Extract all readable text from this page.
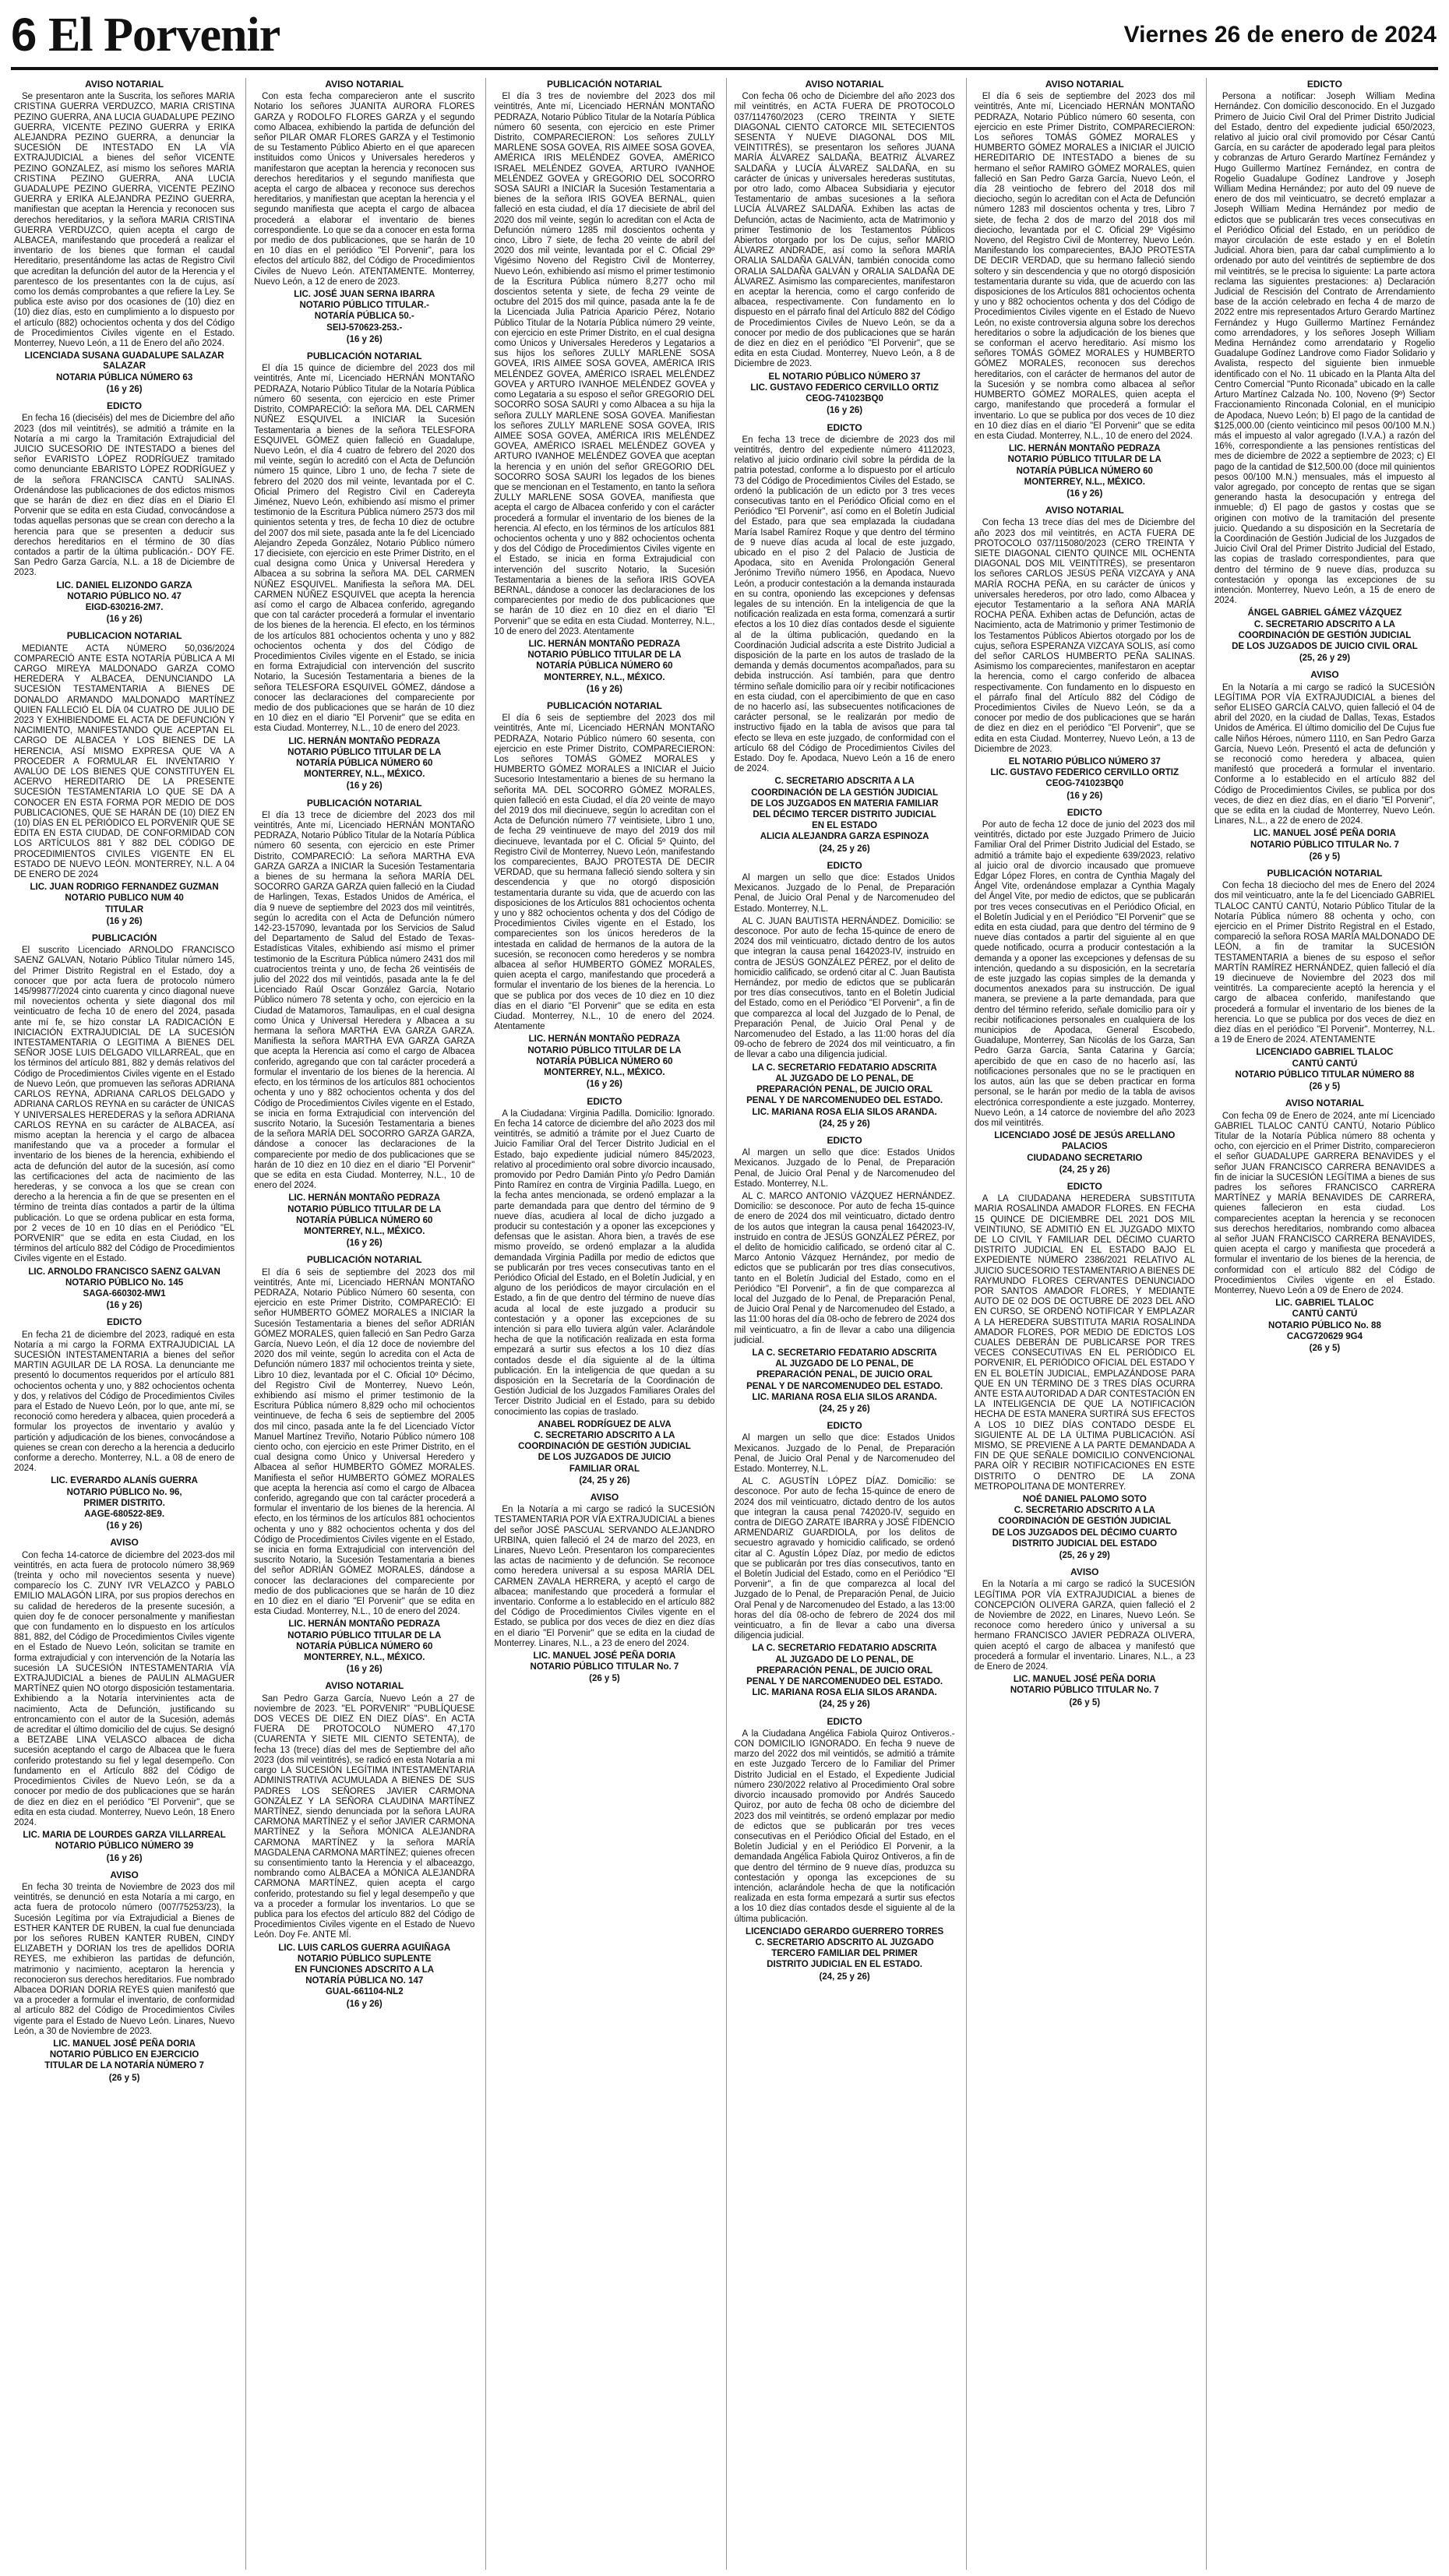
6 El Porvenir	Viernes 26 de enero de 2024
AVISO NOTARIAL

Se presentaron ante la Suscrita, los señores MARIA CRISTINA GUERRA VERDUZCO, MARIA CRISTINA PEZINO GUERRA, ANA LUCIA GUADALUPE PEZINO GUERRA, VICENTE PEZINO GUERRA y ERIKA ALEJANDRA PEZINO GUERRA, a denunciar la SUCESIÓN DE INTESTADO EN LA VÍA EXTRAJUDICIAL a bienes del señor VICENTE PEZINO GONZALEZ, así mismo los señores MARIA CRISTINA PEZINO GUERRA, ANA LUCIA GUADALUPE PEZINO GUERRA, VICENTE PEZINO GUERRA y ERIKA ALEJANDRA PEZINO GUERRA, manifiestan que aceptan la Herencia y reconocen sus derechos hereditarios, y la señora MARIA CRISTINA GUERRA VERDUZCO, quien acepta el cargo de ALBACEA, manifestando que procederá a realizar el inventario de los bienes que forman el caudal Hereditario, presentándome las actas de Registro Civil que acreditan la defunción del autor de la Herencia y el parentesco de los presentantes con la de cujus, así como los demás comprobantes a que refiere la Ley. Se publica este aviso por dos ocasiones de (10) diez en (10) diez días, esto en cumplimiento a lo dispuesto por el artículo (882) ochocientos ochenta y dos del Código de Procedimientos Civiles vigente en el Estado. Monterrey, Nuevo León, a 11 de Enero del año 2024.

LICENCIADA SUSANA GUADALUPE SALAZAR SALAZAR
NOTARIA PÚBLICA NÚMERO 63
(16 y 26)
EDICTO

En fecha 16 (dieciséis) del mes de Diciembre del año 2023 (dos mil veintitrés), se admitió a trámite en la Notaría a mi cargo la Tramitación Extrajudicial del JUICIO SUCESORIO DE INTESTADO a bienes del señor EVARISTO LÓPEZ RODRÍGUEZ tramitado como denunciante EBARISTO LÓPEZ RODRÍGUEZ y de la señora FRANCISCA CANTÚ SALINAS. Ordenándose las publicaciones de dos edictos mismos que se harán de diez en diez días en el Diario El Porvenir que se edita en esta Ciudad, convocándose a todas aquellas personas que se crean con derecho a la herencia para que se presenten a deducir sus derechos hereditarios en el término de 30 días contados a partir de la última publicación.- DOY FE. San Pedro Garza García, N.L. a 18 de Diciembre de 2023.

LIC. DANIEL ELIZONDO GARZA
NOTARIO PÚBLICO NO. 47
EIGD-630216-2M7.
(16 y 26)
PUBLICACION NOTARIAL

MEDIANTE ACTA NÚMERO 50,036/2024 COMPARECIÓ ANTE ESTA NOTARÍA PÚBLICA A MI CARGO MIREYA MALDONADO GARZA COMO HEREDERA Y ALBACEA, DENUNCIANDO LA SUCESIÓN TESTAMENTARIA A BIENES DE DONALDO ARMANDO MALDONADO MARTÍNEZ QUIEN FALLECIÓ EL DÍA 04 CUATRO DE JULIO DE 2023 Y EXHIBIENDOME EL ACTA DE DEFUNCIÓN Y NACIMIENTO, MANIFESTANDO QUE ACEPTAN EL CARGO DE ALBACEA Y LOS BIENES DE LA HERENCIA, ASÍ MISMO EXPRESA QUE VA A PROCEDER A FORMULAR EL INVENTARIO Y AVALÚO DE LOS BIENES QUE CONSTITUYEN EL ACERVO HEREDITARIO DE LA PRESENTE SUCESIÓN TESTAMENTARIA LO QUE SE DA A CONOCER EN ESTA FORMA POR MEDIO DE DOS PUBLICACIONES, QUE SE HARÁN DE (10) DIEZ EN (10) DÍAS EN EL PERIÓDICO EL PORVENIR QUE SE EDITA EN ESTA CIUDAD, DE CONFORMIDAD CON LOS ARTÍCULOS 881 Y 882 DEL CÓDIGO DE PROCEDIMIENTOS CIVILES VIGENTE EN EL ESTADO DE NUEVO LEÓN. MONTERREY, N.L. A 04 DE ENERO DE 2024

LIC. JUAN RODRIGO FERNANDEZ GUZMAN
NOTARIO PUBLICO NUM 40
TITULAR
(16 y 26)
PUBLICACIÓN

El suscrito Licenciado ARNOLDO FRANCISCO SAENZ GALVAN, Notario Público Titular número 145, del Primer Distrito Registral en el Estado, doy a conocer que por acta fuera de protocolo número 145/99877/2024 cinto cuarenta y cinco diagonal nueve mil novecientos ochenta y siete diagonal dos mil veinticuatro de fecha 10 de enero del 2024, pasada ante mí fe, se hizo constar LA RADICACIÓN E INICIACIÓN EXTRAJUDICIAL DE LA SUCESIÓN INTESTAMENTARIA O LEGITIMA A BIENES DEL SEÑOR JOSE LUIS DELGADO VILLARREAL, que en los términos del artículo 881, 882 y demás relativos del Código de Procedimientos Civiles vigente en el Estado de Nuevo León, que promueven las señoras ADRIANA CARLOS REYNA, ADRIANA CARLOS DELGADO y ADRIANA CARLOS REYNA en su carácter de ÚNICAS Y UNIVERSALES HEREDERAS y la señora ADRIANA CARLOS REYNA en su carácter de ALBACEA, así mismo aceptan la herencia y el cargo de albacea manifestando que va a proceder a formular el inventario de los bienes de la herencia, exhibiendo el acta de defunción del autor de la sucesión, así como las certificaciones del acta de nacimiento de las herederas, y se convoca a los que se crean con derecho a la herencia a fin de que se presenten en el término de treinta días contados a partir de la última publicación. Lo que se ordena publicar en esta forma, por 2 veces de 10 en 10 días en el Periódico "EL PORVENIR" que se edita en esta Ciudad, en los términos del artículo 882 del Código de Procedimientos Civiles vigente en el Estado.

LIC. ARNOLDO FRANCISCO SAENZ GALVAN
NOTARIO PÚBLICO No. 145
SAGA-660302-MW1
(16 y 26)
EDICTO

En fecha 21 de diciembre del 2023, radiqué en esta Notaría a mi cargo la FORMA EXTRAJUDICIAL LA SUCESIÓN INTESTAMENTARIA a bienes del señor MARTIN AGUILAR DE LA ROSA. La denunciante me presentó lo documentos requeridos por el artículo 881 ochocientos ochenta y uno, y 882 ochocientos ochenta y dos, y relativos del Código de Procedimientos Civiles para el Estado de Nuevo León, por lo que, ante mí, se reconoció como heredera y albacea, quien procederá a formular los proyectos de inventario y avalúo y partición y adjudicación de los bienes, convocándose a quienes se crean con derecho a la herencia a deducirlo conforme a derecho. Monterrey, N.L. a 08 de enero de 2024.

LIC. EVERARDO ALANÍS GUERRA
NOTARIO PÚBLICO No. 96,
PRIMER DISTRITO.
AAGE-680522-8E9.
(16 y 26)
AVISO

Con fecha 14-catorce de diciembre del 2023-dos mil veintitrés, en acta fuera de protocolo número 38,969 (treinta y ocho mil novecientos sesenta y nueve) comparecío los C. ZUNY IVR VELAZCO y PABLO EMILIO MALAGÓN LIRA, por sus propios derechos en su calidad de herederos de la presente sucesión, a quien doy fe de conocer personalmente y manifiestan que con fundamento en lo dispuesto en los artículos 881, 882, del Código de Procedimientos Civiles vigente en el Estado de Nuevo León, solicitan se tramite en forma extrajudicial y con intervención de la Notaría las sucesión LA SUCESIÓN INTESTAMENTARIA VÍA EXTRAJUDICIAL a bienes de PAULIN ALMAGUER MARTÍNEZ quien NO otorgo disposición testamentaria. Exhibiendo a la Notaría intervinientes acta de nacimiento, Acta de Defunción, justificando su entroncamiento con el autor de la Sucesión, además de acreditar el último domicilio del de cujus. Se designó a BETZABE LINA VELASCO albacea de dicha sucesión aceptando el cargo de Albacea que le fuera conferido protestando su fiel y legal desempeño. Con fundamento en el Artículo 882 del Código de Procedimientos Civiles de Nuevo León, se da a conocer por medio de dos publicaciones que se harán de diez en diez en el periódico "El Porvenir", que se edita en esta ciudad. Monterrey, Nuevo León, 18 Enero 2024.

LIC. MARIA DE LOURDES GARZA VILLARREAL
NOTARIO PÚBLICO NÚMERO 39
(16 y 26)
AVISO

En fecha 30 treinta de Noviembre de 2023 dos mil veintitrés, se denunció en esta Notaría a mi cargo, en acta fuera de protocolo número (007/75253/23), la Sucesión Legítima por vía Extrajudicial a Bienes de ESTHER KANTER DE RUBEN, la cual fue denunciada por los señores RUBEN KANTER RUBEN, CINDY ELIZABETH y DORIAN los tres de apellidos DORIA REYES, me exhibieron las partidas de defunción, matrimonio y nacimiento, aceptaron la herencia y reconocieron sus derechos hereditarios. Fue nombrado Albacea DORIAN DORIA REYES quien manifestó que va a proceder a formular el inventario, de conformidad al artículo 882 del Código de Procedimientos Civiles vigente para el Estado de Nuevo León. Linares, Nuevo León, a 30 de Noviembre de 2023.

LIC. MANUEL JOSÉ PEÑA DORIA
NOTARIO PÚBLICO EN EJERCICIO
TITULAR DE LA NOTARÍA NÚMERO 7
(26 y 5)
AVISO NOTARIAL

Con esta fecha comparecieron ante el suscrito Notario los señores JUANITA AURORA FLORES GARZA y RODOLFO FLORES GARZA y el segundo como Albacea, exhibiendo la partida de defunción del señor PILAR OMAR FLORES GARZA y el Testimonio de su Testamento Público Abierto en el que aparecen instituidos como Únicos y Universales herederos y manifestaron que aceptan la herencia y reconocen sus derechos hereditarios y el segundo manifiesta que acepta el cargo de albacea y reconoce sus derechos hereditarios, y manifiestan que aceptan la herencia y el segundo manifiesta que acepta el cargo de albacea procederá a elaborar el inventario de bienes correspondiente. Lo que se da a conocer en esta forma por medio de dos publicaciones, que se harán de 10 en 10 días en el periódico "El Porvenir", para los efectos del artículo 882, del Código de Procedimientos Civiles de Nuevo León. ATENTAMENTE. Monterrey, Nuevo León, a 12 de enero de 2023.

LIC. JOSÉ JUAN SERNA IBARRA
NOTARIO PÚBLICO TITULAR.-
NOTARÍA PÚBLICA 50.-
SEIJ-570623-253.-
(16 y 26)
PUBLICACIÓN NOTARIAL

El día 15 quince de diciembre del 2023 dos mil veintitrés, Ante mí, Licenciado HERNÁN MONTAÑO PEDRAZA, Notario Público Titular de la Notaría Pública número 60 sesenta, con ejercicio en este Primer Distrito, COMPARECIÓ: la señora MA. DEL CARMEN NÚÑEZ ESQUIVEL a INICIAR la Sucesión Testamentaria a bienes de la señora TELESFORA ESQUIVEL GÓMEZ quien falleció en Guadalupe, Nuevo León, el día 4 cuatro de febrero del 2020 dos mil veinte, según lo acreditó con el Acta de Defunción número 15 quince, Libro 1 uno, de fecha 7 siete de febrero del 2020 dos mil veinte, levantada por el C. Oficial Primero del Registro Civil en Cadereyta Jiménez, Nuevo León, exhibiendo así mismo el primer testimonio de la Escritura Pública número 2573 dos mil quinientos setenta y tres, de fecha 10 diez de octubre del 2007 dos mil siete, pasada ante la fe del Licenciado Alejandro Zepeda González, Notario Público número 17 diecisiete, con ejercicio en este Primer Distrito, en el cual designa como Única y Universal Heredera y Albacea a su sobrina la señora MA. DEL CARMEN NÚÑEZ ESQUIVEL. Manifiesta la señora MA. DEL CARMEN NÚÑEZ ESQUIVEL que acepta la herencia así como el cargo de Albacea conferido, agregando que con tal carácter procederá a formular el inventario de los bienes de la herencia. El efecto, en los términos de los artículos 881 ochocientos ochenta y uno y 882 ochocientos ochenta y dos del Código de Procedimientos Civiles vigente en el Estado, se inicia en forma Extrajudicial con intervención del suscrito Notario, la Sucesión Testamentaria a bienes de la señora TELESFORA ESQUIVEL GÓMEZ, dándose a conocer las declaraciones del compareciente por medio de dos publicaciones que se harán de 10 diez en 10 diez en el diario "El Porvenir" que se edita en esta Ciudad. Monterrey, N.L., 10 de enero del 2023.

LIC. HERNÁN MONTAÑO PEDRAZA
NOTARIO PÚBLICO TITULAR DE LA
NOTARÍA PÚBLICA NÚMERO 60
MONTERREY, N.L., MÉXICO.
(16 y 26)
PUBLICACIÓN NOTARIAL

El día 13 trece de diciembre del 2023 dos mil veintitrés, Ante mí, Licenciado HERNÁN MONTAÑO PEDRAZA, Notario Público Titular de la Notaría Pública número 60 sesenta, con ejercicio en este Primer Distrito, COMPARECIÓ: La señora MARTHA EVA GARZA GARZA a INICIAR la Sucesión Testamentaria a bienes de su hermana la señora MARÍA DEL SOCORRO GARZA GARZA quien falleció en la Ciudad de Harlingen, Texas, Estados Unidos de América, el día 9 nueve de septiembre del 2023 dos mil veintitrés, según lo acredita con el Acta de Defunción número 142-23-157090, levantada por los Servicios de Salud del Departamento de Salud del Estado de Texas-Estadísticas Vitales, exhibiendo así mismo el primer testimonio de la Escritura Pública número 2431 dos mil cuatrocientos treinta y uno, de fecha 26 veintiséis de julio del 2022 dos mil veintidós, pasada ante la fe del Licenciado Raúl Oscar González García, Notario Público número 78 setenta y ocho, con ejercicio en la Ciudad de Matamoros, Tamaulipas, en el cual designa como Única y Universal Heredera y Albacea a su hermana la señora MARTHA EVA GARZA GARZA. Manifiesta la señora MARTHA EVA GARZA GARZA que acepta la Herencia así como el cargo de Albacea conferido, agregando que con tal carácter procederá a formular el inventario de los bienes de la herencia. Al efecto, en los términos de los artículos 881 ochocientos ochenta y uno y 882 ochocientos ochenta y dos del Código de Procedimientos Civiles vigente en el Estado, se inicia en forma Extrajudicial con intervención del suscrito Notario, la Sucesión Testamentaria a bienes de la señora MARÍA DEL SOCORRO GARZA GARZA, dándose a conocer las declaraciones de la compareciente por medio de dos publicaciones que se harán de 10 diez en 10 diez en el diario "El Porvenir" que se edita en esta Ciudad. Monterrey, N.L., 10 de enero del 2024.

LIC. HERNÁN MONTAÑO PEDRAZA
NOTARIO PÚBLICO TITULAR DE LA
NOTARÍA PÚBLICA NÚMERO 60
MONTERREY, N.L., MÉXICO.
(16 y 26)
PUBLICACIÓN NOTARIAL

El día 6 seis de septiembre del 2023 dos mil veintitrés, Ante mí, Licenciado HERNÁN MONTAÑO PEDRAZA, Notario Público Número 60 sesenta, con ejercicio en este Primer Distrito, COMPARECIÓ: El señor HUMBERTO GÓMEZ MORALES a INICIAR la Sucesión Testamentaria a bienes del señor ADRIÁN GÓMEZ MORALES, quien falleció en San Pedro Garza García, Nuevo León, el día 12 doce de noviembre del 2020 dos mil veinte, según lo acredita con el Acta de Defunción número 1837 mil ochocientos treinta y siete, Libro 10 diez, levantada por el C. Oficial 10º Décimo, del Registro Civil de Monterrey, Nuevo León, exhibiendo así mismo el primer testimonio de la Escritura Pública número 8,829 ocho mil ochocientos veintinueve, de fecha 6 seis de septiembre del 2005 dos mil cinco, pasada ante la fe del Licenciado Víctor Manuel Martínez Treviño, Notario Público número 108 ciento ocho, con ejercicio en este Primer Distrito, en el cual designa como Único y Universal Heredero y Albacea al señor HUMBERTO GÓMEZ MORALES. Manifiesta el señor HUMBERTO GÓMEZ MORALES que acepta la herencia así como el cargo de Albacea conferido, agregando que con tal carácter procederá a formular el inventario de los bienes de la herencia. Al efecto, en los términos de los artículos 881 ochocientos ochenta y uno y 882 ochocientos ochenta y dos del Código de Procedimientos Civiles vigente en el Estado, se inicia en forma Extrajudicial con intervención del suscrito Notario, la Sucesión Testamentaria a bienes del señor ADRIÁN GÓMEZ MORALES, dándose a conocer las declaraciones del compareciente por medio de dos publicaciones que se harán de 10 diez en 10 diez en el diario "El Porvenir" que se edita en esta Ciudad. Monterrey, N.L., 10 de enero del 2024.

LIC. HERNÁN MONTAÑO PEDRAZA
NOTARIO PÚBLICO TITULAR DE LA
NOTARÍA PÚBLICA NÚMERO 60
MONTERREY, N.L., MÉXICO.
(16 y 26)
AVISO NOTARIAL

San Pedro Garza García, Nuevo León a 27 de noviembre de 2023. "EL PORVENIR" "PUBLÍQUESE DOS VECES DE DIEZ EN DIEZ DÍAS". En ACTA FUERA DE PROTOCOLO NÚMERO 47,170 (CUARENTA Y SIETE MIL CIENTO SETENTA), de fecha 13 (trece) días del mes de Septiembre del año 2023 (dos mil veintitrés), se radicó en esta Notaría a mi cargo LA SUCESIÓN LEGÍTIMA INTESTAMENTARIA ADMINISTRATIVA ACUMULADA A BIENES DE SUS PADRES LOS SEÑORES JAVIER CARMONA GONZÁLEZ Y LA SEÑORA CLAUDINA MARTÍNEZ MARTÍNEZ, siendo denunciada por la señora LAURA CARMONA MARTÍNEZ y el señor JAVIER CARMONA MARTÍNEZ y la Señora MÓNICA ALEJANDRA CARMONA MARTÍNEZ y la señora MARÍA MAGDALENA CARMONA MARTÍNEZ; quienes ofrecen su consentimiento tanto la Herencia y el albaceazgo, nombrando como ALBACEA a MÓNICA ALEJANDRA CARMONA MARTÍNEZ, quien acepta el cargo conferido, protestando su fiel y legal desempeño y que va a proceder a formular los inventarios. Lo que se publica para los efectos del artículo 882 del Código de Procedimientos Civiles vigente en el Estado de Nuevo León. Doy Fe. ANTE MÍ.

LIC. LUIS CARLOS GUERRA AGUIÑAGA
NOTARIO PÚBLICO SUPLENTE
EN FUNCIONES ADSCRITO A LA
NOTARÍA PÚBLICA NO. 147
GUAL-661104-NL2
(16 y 26)
PUBLICACIÓN NOTARIAL

El día 3 tres de noviembre del 2023 dos mil veintitrés, Ante mí, Licenciado HERNÁN MONTAÑO PEDRAZA, Notario Público Titular de la Notaría Pública número 60 sesenta, con ejercicio en este Primer Distrito, COMPARECIERON: Los señores ZULLY MARLENE SOSA GOVEA, RIS AIMEE SOSA GOVEA, AMÉRICA IRIS MELÉNDEZ GOVEA, AMÉRICO ISRAEL MELÉNDEZ GOVEA, ARTURO IVANHOE MELÉNDEZ GOVEA y GREGORIO DEL SOCORRO SOSA SAURI a INICIAR la Sucesión Testamentaria a bienes de la señora IRIS GOVEA BERNAL, quien falleció en esta ciudad, el día 17 diecisiete de abril del 2020 dos mil veinte, según lo acreditan con el Acta de Defunción número 1285 mil doscientos ochenta y cinco, Libro 7 siete, de fecha 20 veinte de abril del 2020 dos mil veinte, levantada por el C. Oficial 29º Vigésimo Noveno del Registro Civil de Monterrey, Nuevo León, exhibiendo así mismo el primer testimonio de la Escritura Pública número 8,277 ocho mil doscientos setenta y siete, de fecha 29 veinte de octubre del 2015 dos mil quince, pasada ante la fe de la Licenciada Julia Patricia Aparicio Pérez, Notario Público Titular de la Notaría Pública número 29 veinte, con ejercicio en este Primer Distrito, en el cual designa como Únicos y Universales Herederos y Legatarios a sus hijos los señores ZULLY MARLENE SOSA GOVEA, IRIS AIMEE SOSA GOVEA, AMÉRICA IRIS MELÉNDEZ GOVEA, AMÉRICO ISRAEL MELÉNDEZ GOVEA y ARTURO IVANHOE MELÉNDEZ GOVEA y como Legataria a su esposo el señor GREGORIO DEL SOCORRO SOSA SAURI y como Albacea a su hija la señora ZULLY MARLENE SOSA GOVEA. Manifiestan los señores ZULLY MARLENE SOSA GOVEA, IRIS AIMEE SOSA GOVEA, AMÉRICA IRIS MELÉNDEZ GOVEA, AMÉRICO ISRAEL MELÉNDEZ GOVEA y ARTURO IVANHOE MELÉNDEZ GOVEA que aceptan la herencia y en unión del señor GREGORIO DEL SOCORRO SOSA SAURI los legados de los bienes que se mencionan en el Testamento, en tanto la señora ZULLY MARLENE SOSA GOVEA, manifiesta que acepta el cargo de Albacea conferido y con el carácter procederá a formular el inventario de los bienes de la herencia. Al efecto, en los términos de los artículos 881 ochocientos ochenta y uno y 882 ochocientos ochenta y dos del Código de Procedimientos Civiles vigente en el Estado, se inicia en forma Extrajudicial con intervención del suscrito Notario, la Sucesión Testamentaria a bienes de la señora IRIS GOVEA BERNAL, dándose a conocer las declaraciones de los comparecientes por medio de dos publicaciones que se harán de 10 diez en 10 diez en el diario "El Porvenir" que se edita en esta Ciudad. Monterrey, N.L., 10 de enero del 2023. Atentamente

LIC. HERNÁN MONTAÑO PEDRAZA
NOTARIO PÚBLICO TITULAR DE LA
NOTARÍA PÚBLICA NÚMERO 60
MONTERREY, N.L., MÉXICO.
(16 y 26)
PUBLICACIÓN NOTARIAL

El día 6 seis de septiembre del 2023 dos mil veintitrés, Ante mí, Licenciado HERNÁN MONTAÑO PEDRAZA, Notario Público número 60 sesenta, con ejercicio en este Primer Distrito, COMPARECIERON: Los señores TOMÁS GÓMEZ MORALES y HUMBERTO GÓMEZ MORALES a INICIAR el Juicio Sucesorio Intestamentario a bienes de su hermano la señorita MA. DEL SOCORRO GÓMEZ MORALES, quien falleció en esta Ciudad, el día 20 veinte de mayo del 2019 dos mil diecinueve, según lo acreditan con el Acta de Defunción número 77 veintisiete, Libro 1 uno, de fecha 29 veintinueve de mayo del 2019 dos mil diecinueve, levantada por el C. Oficial 5º Quinto, del Registro Civil de Monterrey, Nuevo León, manifestando los comparecientes, BAJO PROTESTA DE DECIR VERDAD, que su hermana falleció siendo soltera y sin descendencia y que no otorgó disposición testamentaria durante su vida, que de acuerdo con las disposiciones de los Artículos 881 ochocientos ochenta y uno y 882 ochocientos ochenta y dos del Código de Procedimientos Civiles vigente en el Estado, los comparecientes son los únicos herederos de la intestada en calidad de hermanos de la autora de la sucesión, se reconocen como herederos y se nombra albacea al señor HUMBERTO GÓMEZ MORALES, quien acepta el cargo, manifestando que procederá a formular el inventario de los bienes de la herencia. Lo que se publica por dos veces de 10 diez en 10 diez días en el diario "El Porvenir" que se edita en esta Ciudad. Monterrey, N.L., 10 de enero del 2024. Atentamente

LIC. HERNÁN MONTAÑO PEDRAZA
NOTARIO PÚBLICO TITULAR DE LA
NOTARÍA PÚBLICA NÚMERO 60
MONTERREY, N.L., MÉXICO.
(16 y 26)
EDICTO

A la Ciudadana: Virginia Padilla. Domicilio: Ignorado. En fecha 14 catorce de diciembre del año 2023 dos mil veintitrés, se admitió a trámite por el Juez Cuarto de Juicio Familiar Oral del Tercer Distrito Judicial en el Estado, bajo expediente judicial número 845/2023, relativo al procedimiento oral sobre divorcio incausado, promovido por Pedro Damián Pinto y/o Pedro Damián Pinto Ramírez en contra de Virginia Padilla. Luego, en la fecha antes mencionada, se ordenó emplazar a la parte demandada para que dentro del término de 9 nueve días, acudiera al local de dicho juzgado a producir su contestación y a oponer las excepciones y defensas que le asistan. Ahora bien, a través de ese mismo proveído, se ordenó emplazar a la aludida demandada Virginia Padilla por medio de edictos que se publicarán por tres veces consecutivas tanto en el Periódico Oficial del Estado, en el Boletín Judicial, y en alguno de los periódicos de mayor circulación en el Estado, a fin de que dentro del término de nueve días acuda al local de este juzgado a producir su contestación y a oponer las excepciones de su intención si para ello tuviera algún valer. Aclarándole hecha de que la notificación realizada en esta forma empezará a surtir sus efectos a los 10 diez días contados desde el día siguiente al de la última publicación. En la inteligencia de que quedan a su disposición en la Secretaría de la Coordinación de Gestión Judicial de los Juzgados Familiares Orales del Tercer Distrito Judicial en el Estado, para su debido conocimiento las copias de traslado.

ANABEL RODRÍGUEZ DE ALVA
C. SECRETARIO ADSCRITO A LA
COORDINACIÓN DE GESTIÓN JUDICIAL
DE LOS JUZGADOS DE JUICIO
FAMILIAR ORAL
(24, 25 y 26)
AVISO

En la Notaría a mi cargo se radicó la SUCESIÓN TESTAMENTARIA POR VÍA EXTRAJUDICIAL a bienes del señor JOSÉ PASCUAL SERVANDO ALEJANDRO URBINA, quien falleció el 24 de marzo del 2023, en Linares, Nuevo León. Presentaron los comparecientes las actas de nacimiento y de defunción. Se reconoce como heredera universal a su esposa MARÍA DEL CARMEN ZAVALA HERRERA, y aceptó el cargo de albacea; manifestando que procederá a formular el inventario. Conforme a lo establecido en el artículo 882 del Código de Procedimientos Civiles vigente en el Estado, se publica por dos veces de diez en diez días en el diario "El Porvenir" que se edita en la ciudad de Monterrey. Linares, N.L., a 23 de enero del 2024.

LIC. MANUEL JOSÉ PEÑA DORIA
NOTARIO PÚBLICO TITULAR No. 7
(26 y 5)
AVISO NOTARIAL

Con fecha 06 ocho de Diciembre del año 2023 dos mil veintitrés, en ACTA FUERA DE PROTOCOLO 037/114760/2023 (CERO TREINTA Y SIETE DIAGONAL CIENTO CATORCE MIL SETECIENTOS SESENTA Y NUEVE DIAGONAL DOS MIL VEINTITRÉS), se presentaron los señores JUANA MARÍA ÁLVAREZ SALDAÑA, BEATRIZ ÁLVAREZ SALDAÑA y LUCÍA ÁLVAREZ SALDAÑA, en su carácter de únicas y universales herederas sustitutas, por otro lado, como Albacea Subsidiaria y ejecutor Testamentario de ambas sucesiones a la señora LUCÍA ÁLVAREZ SALDAÑA. Exhiben las actas de Defunción, actas de Nacimiento, acta de Matrimonio y primer Testimonio de los Testamentos Públicos Abiertos otorgado por los De cujus, señor MARIO ÁLVAREZ ANDRADE, así como la señora MARÍA ORALIA SALDAÑA GALVÁN, también conocida como ORALIA SALDAÑA GALVÁN y ORALIA SALDAÑA DE ÁLVAREZ. Asimismo las comparecientes, manifestaron en aceptar la herencia, como el cargo conferido de albacea, respectivamente. Con fundamento en lo dispuesto en el párrafo final del Artículo 882 del Código de Procedimientos Civiles de Nuevo León, se da a conocer por medio de dos publicaciones que se harán de diez en diez en el periódico "El Porvenir", que se edita en esta Ciudad. Monterrey, Nuevo León, a 8 de Diciembre de 2023.

EL NOTARIO PÚBLICO NÚMERO 37
LIC. GUSTAVO FEDERICO CERVILLO ORTIZ
CEOG-741023BQ0
(16 y 26)
EDICTO

En fecha 13 trece de diciembre de 2023 dos mil veintitrés, dentro del expediente número 4112023, relativo al juicio ordinario civil sobre la pérdida de la patria potestad, conforme a lo dispuesto por el artículo 73 del Código de Procedimientos Civiles del Estado, se ordenó la publicación de un edicto por 3 tres veces consecutivas tanto en el Periódico Oficial como en el Periódico "El Porvenir", así como en el Boletín Judicial del Estado, para que sea emplazada la ciudadana María Isabel Ramírez Roque y que dentro del término de 9 nueve días acuda al local de este juzgado, ubicado en el piso 2 del Palacio de Justicia de Apodaca, sito en Avenida Prolongación General Jerónimo Treviño número 1956, en Apodaca, Nuevo León, a producir contestación a la demanda instaurada en su contra, oponiendo las excepciones y defensas legales de su intención. En la inteligencia de que la notificación realizada en esta forma, comenzará a surtir efectos a los 10 diez días contados desde el siguiente al de la última publicación, quedando en la Coordinación Judicial adscrita a este Distrito Judicial a disposición de la parte en los autos de traslado de la demanda y demás documentos acompañados, para su debida instrucción. Así también, para que dentro término señale domicilio para oír y recibir notificaciones en esta ciudad, con el apercibimiento de que en caso de no hacerlo así, las subsecuentes notificaciones de carácter personal, se le realizarán por medio de instructivo fijado en la tabla de avisos que para tal efecto se lleva en este juzgado, de conformidad con el artículo 68 del Código de Procedimientos Civiles del Estado. Doy fe. Apodaca, Nuevo León a 16 de enero de 2024.

C. SECRETARIO ADSCRITA A LA
COORDINACIÓN DE LA GESTIÓN JUDICIAL
DE LOS JUZGADOS EN MATERIA FAMILIAR
DEL DÉCIMO TERCER DISTRITO JUDICIAL
EN EL ESTADO
ALICIA ALEJANDRA GARZA ESPINOZA
(24, 25 y 26)
EDICTO

Al margen un sello que dice: Estados Unidos Mexicanos. Juzgado de lo Penal, de Preparación Penal, de Juicio Oral Penal y de Narcomenudeo del Estado. Monterrey, N.L.

AL C. JUAN BAUTISTA HERNÁNDEZ. Domicilio: se desconoce. Por auto de fecha 15-quince de enero de 2024 dos mil veinticuatro, dictado dentro de los autos que integran la causa penal 1642023-IV, instruido en contra de JESÚS GONZÁLEZ PÉREZ, por el delito de homicidio calificado, se ordenó citar al C. Juan Bautista Hernández, por medio de edictos que se publicarán por tres días consecutivos, tanto en el Boletín Judicial del Estado, como en el Periódico "El Porvenir", a fin de que comparezca al local del Juzgado de lo Penal, de Preparación Penal, de Juicio Oral Penal y de Narcomenudeo del Estado, a las 11:00 horas del día 09-ocho de febrero de 2024 dos mil veinticuatro, a fin de llevar a cabo una diligencia judicial.

LA C. SECRETARIO FEDATARIO ADSCRITA
AL JUZGADO DE LO PENAL, DE
PREPARACIÓN PENAL, DE JUICIO ORAL
PENAL Y DE NARCOMENUDEO DEL ESTADO.
LIC. MARIANA ROSA ELIA SILOS ARANDA.
(24, 25 y 26)
EDICTO

Al margen un sello que dice: Estados Unidos Mexicanos. Juzgado de lo Penal, de Preparación Penal, de Juicio Oral Penal y de Narcomenudeo del Estado. Monterrey, N.L.

AL C. MARCO ANTONIO VÁZQUEZ HERNÁNDEZ. Domicilio: se desconoce. Por auto de fecha 15-quince de enero de 2024 dos mil veinticuatro, dictado dentro de los autos que integran la causa penal 1642023-IV, instruido en contra de JESÚS GONZÁLEZ PÉREZ, por el delito de homicidio calificado, se ordenó citar al C. Marco Antonio Vázquez Hernández, por medio de edictos que se publicarán por tres días consecutivos, tanto en el Boletín Judicial del Estado, como en el Periódico "El Porvenir", a fin de que comparezca al local del Juzgado de lo Penal, de Preparación Penal, de Juicio Oral Penal y de Narcomenudeo del Estado, a las 11:00 horas del día 08-ocho de febrero de 2024 dos mil veinticuatro, a fin de llevar a cabo una diligencia judicial.

LA C. SECRETARIO FEDATARIO ADSCRITA
AL JUZGADO DE LO PENAL, DE
PREPARACIÓN PENAL, DE JUICIO ORAL
PENAL Y DE NARCOMENUDEO DEL ESTADO.
LIC. MARIANA ROSA ELIA SILOS ARANDA.
(24, 25 y 26)
EDICTO

Al margen un sello que dice: Estados Unidos Mexicanos. Juzgado de lo Penal, de Preparación Penal, de Juicio Oral Penal y de Narcomenudeo del Estado. Monterrey, N.L.

AL C. AGUSTÍN LÓPEZ DÍAZ. Domicilio: se desconoce. Por auto de fecha 15-quince de enero de 2024 dos mil veinticuatro, dictado dentro de los autos que integran la causa penal 742020-IV, seguido en contra de DIEGO ZARATE IBARRA y JOSÉ FIDENCIO ARMENDARIZ GUARDIOLA, por los delitos de secuestro agravado y homicidio calificado, se ordenó citar al C. Agustín López Díaz, por medio de edictos que se publicarán por tres días consecutivos, tanto en el Boletín Judicial del Estado, como en el Periódico "El Porvenir", a fin de que comparezca al local del Juzgado de lo Penal, de Preparación Penal, de Juicio Oral Penal y de Narcomenudeo del Estado, a las 13:00 horas del día 08-ocho de febrero de 2024 dos mil veinticuatro, a fin de llevar a cabo una diversa diligencia judicial.

LA C. SECRETARIO FEDATARIO ADSCRITA
AL JUZGADO DE LO PENAL, DE
PREPARACIÓN PENAL, DE JUICIO ORAL
PENAL Y DE NARCOMENUDEO DEL ESTADO.
LIC. MARIANA ROSA ELIA SILOS ARANDA.
(24, 25 y 26)
EDICTO

A la Ciudadana Angélica Fabiola Quiroz Ontiveros.- CON DOMICILIO IGNORADO. En fecha 9 nueve de marzo del 2022 dos mil veintidós, se admitió a trámite en este Juzgado Tercero de lo Familiar del Primer Distrito Judicial en el Estado, el Expediente Judicial número 230/2022 relativo al Procedimiento Oral sobre divorcio incausado promovido por Andrés Saucedo Quiroz, por auto de fecha 08 ocho de diciembre del 2023 dos mil veintitrés, se ordenó emplazar por medio de edictos que se publicarán por tres veces consecutivas en el Periódico Oficial del Estado, en el Boletín Judicial y en el Periódico El Porvenir, a la demandada Angélica Fabiola Quiroz Ontiveros, a fin de que dentro del término de 9 nueve días, produzca su contestación y oponga las excepciones de su intención, aclarándole hecha de que la notificación realizada en esta forma empezará a surtir sus efectos a los 10 diez días contados desde el siguiente al de la última publicación.

LICENCIADO GERARDO GUERRERO TORRES
C. SECRETARIO ADSCRITO AL JUZGADO
TERCERO FAMILIAR DEL PRIMER
DISTRITO JUDICIAL EN EL ESTADO.
(24, 25 y 26)
AVISO NOTARIAL

El día 6 seis de septiembre del 2023 dos mil veintitrés, Ante mí, Licenciado HERNÁN MONTAÑO PEDRAZA, Notario Público número 60 sesenta, con ejercicio en este Primer Distrito, COMPARECIERON: Los señores TOMÁS GÓMEZ MORALES y HUMBERTO GÓMEZ MORALES a INICIAR el JUICIO HEREDITARIO DE INTESTADO a bienes de su hermano el señor RAMIRO GÓMEZ MORALES, quien falleció en San Pedro Garza García, Nuevo León, el día 28 veintiocho de febrero del 2018 dos mil dieciocho, según lo acreditan con el Acta de Defunción número 1283 mil doscientos ochenta y tres, Libro 7 siete, de fecha 2 dos de marzo del 2018 dos mil dieciocho, levantada por el C. Oficial 29º Vigésimo Noveno, del Registro Civil de Monterrey, Nuevo León. Manifestando los comparecientes, BAJO PROTESTA DE DECIR VERDAD, que su hermano falleció siendo soltero y sin descendencia y que no otorgó disposición testamentaria durante su vida, que de acuerdo con las disposiciones de los Artículos 881 ochocientos ochenta y uno y 882 ochocientos ochenta y dos del Código de Procedimientos Civiles vigente en el Estado de Nuevo León, no existe controversia alguna sobre los derechos hereditarios o sobre la adjudicación de los bienes que se conforman el acervo hereditario. Así mismo los señores TOMÁS GÓMEZ MORALES y HUMBERTO GÓMEZ MORALES, reconocen sus derechos hereditarios, con el carácter de hermanos del autor de la Sucesión y se nombra como albacea al señor HUMBERTO GÓMEZ MORALES, quien acepta el cargo, manifestando que procederá a formular el inventario. Lo que se publica por dos veces de 10 diez en 10 diez días en el diario "El Porvenir" que se edita en esta Ciudad. Monterrey, N.L., 10 de enero del 2024.

LIC. HERNÁN MONTAÑO PEDRAZA
NOTARIO PÚBLICO TITULAR DE LA
NOTARÍA PÚBLICA NÚMERO 60
MONTERREY, N.L., MÉXICO.
(16 y 26)
AVISO NOTARIAL

Con fecha 13 trece días del mes de Diciembre del año 2023 dos mil veintitrés, en ACTA FUERA DE PROTOCOLO 037/115080/2023 (CERO TREINTA Y SIETE DIAGONAL CIENTO QUINCE MIL OCHENTA DIAGONAL DOS MIL VEINTITRÉS), se presentaron los señores CARLOS JESÚS PEÑA VIZCAYA y ANA MARÍA ROCHA PEÑA, en su carácter de únicos y universales herederos, por otro lado, como Albacea y ejecutor Testamentario a la señora ANA MARÍA ROCHA PEÑA. Exhiben actas de Defunción, actas de Nacimiento, acta de Matrimonio y primer Testimonio de los Testamentos Públicos Abiertos otorgado por los de cujus, señora ESPERANZA VIZCAYA SOLIS, así como del señor CARLOS HUMBERTO PEÑA SALINAS. Asimismo los comparecientes, manifestaron en aceptar la herencia, como el cargo conferido de albacea respectivamente. Con fundamento en lo dispuesto en el párrafo final del Artículo 882 del Código de Procedimientos Civiles de Nuevo León, se da a conocer por medio de dos publicaciones que se harán de diez en diez en el periódico "El Porvenir", que se edita en esta Ciudad. Monterrey, Nuevo León, a 13 de Diciembre de 2023.

EL NOTARIO PÚBLICO NÚMERO 37
LIC. GUSTAVO FEDERICO CERVILLO ORTIZ
CEOG-741023BQ0
(16 y 26)
EDICTO

Por auto de fecha 12 doce de junio del 2023 dos mil veintitrés, dictado por este Juzgado Primero de Juicio Familiar Oral del Primer Distrito Judicial del Estado, se admitió a trámite bajo el expediente 639/2023, relativo al juicio oral de divorcio incausado que promueve Edgar López Flores, en contra de Cynthia Magaly del Ángel Vite, ordenándose emplazar a Cynthia Magaly del Ángel Vite, por medio de edictos, que se publicarán por tres veces consecutivas en el Periódico Oficial, en el Boletín Judicial y en el Periódico "El Porvenir" que se edita en esta ciudad, para que dentro del término de 9 nueve días contados a partir del siguiente al en que quede notificado, ocurra a producir contestación a la demanda y a oponer las excepciones y defensas de su intención, quedando a su disposición, en la secretaría de este juzgado las copias simples de la demanda y documentos anexados para su instrucción. De igual manera, se previene a la parte demandada, para que dentro del término referido, señale domicilio para oír y recibir notificaciones personales en cualquiera de los municipios de Apodaca, General Escobedo, Guadalupe, Monterrey, San Nicolás de los Garza, San Pedro Garza García, Santa Catarina y García; apercibido de que en caso de no hacerlo así, las notificaciones personales que no se le practiquen en los autos, aún las que se deben practicar en forma personal, se le harán por medio de la tabla de avisos electrónica correspondiente a este juzgado. Monterrey, Nuevo León, a 14 catorce de noviembre del año 2023 dos mil veintitrés.

LICENCIADO JOSÉ DE JESÚS ARELLANO
PALACIOS
CIUDADANO SECRETARIO
(24, 25 y 26)
EDICTO

A LA CIUDADANA HEREDERA SUBSTITUTA MARIA ROSALINDA AMADOR FLORES. EN FECHA 15 QUINCE DE DICIEMBRE DEL 2021 DOS MIL VEINTIUNO, SE ADMITIÓ EN EL JUZGADO MIXTO DE LO CIVIL Y FAMILIAR DEL DÉCIMO CUARTO DISTRITO JUDICIAL EN EL ESTADO BAJO EL EXPEDIENTE NÚMERO 2386/2021 RELATIVO AL JUICIO SUCESORIO TESTAMENTARIO A BIENES DE RAYMUNDO FLORES CERVANTES DENUNCIADO POR SANTOS AMADOR FLORES, Y MEDIANTE AUTO DE 02 DOS DE OCTUBRE DE 2023 DEL AÑO EN CURSO, SE ORDENÓ NOTIFICAR Y EMPLAZAR A LA HEREDERA SUBSTITUTA MARIA ROSALINDA AMADOR FLORES, POR MEDIO DE EDICTOS LOS CUALES DEBERÁN DE PUBLICARSE POR TRES VECES CONSECUTIVAS EN EL PERIÓDICO EL PORVENIR, EL PERIÓDICO OFICIAL DEL ESTADO Y EN EL BOLETÍN JUDICIAL, EMPLAZÁNDOSE PARA QUE EN UN TÉRMINO DE 3 TRES DÍAS OCURRA ANTE ESTA AUTORIDAD A DAR CONTESTACIÓN EN LA INTELIGENCIA DE QUE LA NOTIFICACIÓN HECHA DE ESTA MANERA SURTIRÁ SUS EFECTOS A LOS 10 DIEZ DÍAS CONTADO DESDE EL SIGUIENTE AL DE LA ÚLTIMA PUBLICACIÓN. ASÍ MISMO, SE PREVIENE A LA PARTE DEMANDADA A FIN DE QUE SEÑALE DOMICILIO CONVENCIONAL PARA OÍR Y RECIBIR NOTIFICACIONES EN ESTE DISTRITO O DENTRO DE LA ZONA METROPOLITANA DE MONTERREY.

NOÉ DANIEL PALOMO SOTO
C. SECRETARIO ADSCRITO A LA
COORDINACIÓN DE GESTIÓN JUDICIAL
DE LOS JUZGADOS DEL DÉCIMO CUARTO
DISTRITO JUDICIAL DEL ESTADO
(25, 26 y 29)
AVISO

En la Notaría a mi cargo se radicó la SUCESIÓN LEGÍTIMA POR VÍA EXTRAJUDICIAL a bienes de CONCEPCIÓN OLIVERA GARZA, quien falleció el 2 de Noviembre de 2022, en Linares, Nuevo León. Se reconoce como heredero único y universal a su hermano FRANCISCO JAVIER PEDRAZA OLIVERA, quien aceptó el cargo de albacea y manifestó que procederá a formular el inventario. Linares, N.L., a 23 de Enero de 2024.

LIC. MANUEL JOSÉ PEÑA DORIA
NOTARIO PÚBLICO TITULAR No. 7
(26 y 5)
EDICTO

Persona a notificar: Joseph William Medina Hernández. Con domicilio desconocido. En el Juzgado Primero de Juicio Civil Oral del Primer Distrito Judicial del Estado, dentro del expediente judicial 650/2023, relativo al juicio oral civil promovido por César Cantú García, en su carácter de apoderado legal para pleitos y cobranzas de Arturo Gerardo Martínez Fernández y Hugo Guillermo Martínez Fernández, en contra de Rogelio Guadalupe Godínez Landrove y Joseph William Medina Hernández; por auto del 09 nueve de enero de dos mil veinticuatro, se decretó emplazar a Joseph William Medina Hernández por medio de edictos que se publicarán tres veces consecutivas en el Periódico Oficial del Estado, en un periódico de mayor circulación de este estado y en el Boletín Judicial. Ahora bien, para dar cabal cumplimiento a lo ordenado por auto del veintitrés de septiembre de dos mil veintitrés, se le precisa lo siguiente: La parte actora reclama las siguientes prestaciones: a) Declaración Judicial de Rescisión del Contrato de Arrendamiento base de la acción celebrado en fecha 4 de marzo de 2022 entre mis representados Arturo Gerardo Martínez Fernández y Hugo Guillermo Martínez Fernández como arrendadores, y los señores Joseph William Medina Hernández como arrendatario y Rogelio Guadalupe Godínez Landrove como Fiador Solidario y Avalista, respecto del siguiente bien inmueble identificado con el No. 11 ubicado en la Planta Alta del Centro Comercial "Punto Riconada" ubicado en la calle Arturo Martínez Calzada No. 100, Noveno (9º) Sector Fraccionamiento Rinconada Colonial, en el municipio de Apodaca, Nuevo León; b) El pago de la cantidad de $125,000.00 (ciento veinticinco mil pesos 00/100 M.N.) más el impuesto al valor agregado (I.V.A.) a razón del 16%, correspondiente a las pensiones rentísticas del mes de diciembre de 2022 a septiembre de 2023; c) El pago de la cantidad de $12,500.00 (doce mil quinientos pesos 00/100 M.N.) mensuales, más el impuesto al valor agregado, por concepto de rentas que se sigan generando hasta la desocupación y entrega del inmueble; d) El pago de gastos y costas que se originen con motivo de la tramitación del presente juicio. Quedando a su disposición en la Secretaría de la Coordinación de Gestión Judicial de los Juzgados de Juicio Civil Oral del Primer Distrito Judicial del Estado, las copias de traslado correspondientes, para que dentro del término de 9 nueve días, produzca su contestación y oponga las excepciones de su intención. Monterrey, Nuevo León, a 15 de enero de 2024.

ÁNGEL GABRIEL GÁMEZ VÁZQUEZ
C. SECRETARIO ADSCRITO A LA
COORDINACIÓN DE GESTIÓN JUDICIAL
DE LOS JUZGADOS DE JUICIO CIVIL ORAL
(25, 26 y 29)
AVISO

En la Notaría a mi cargo se radicó la SUCESIÓN LEGÍTIMA POR VÍA EXTRAJUDICIAL a bienes del señor ELISEO GARCÍA CALVO, quien falleció el 04 de abril del 2020, en la ciudad de Dallas, Texas, Estados Unidos de América. El último domicilio del De Cujus fue calle Niños Héroes, número 1110, en San Pedro Garza García, Nuevo León. Presentó el acta de defunción y se reconoció como heredera y albacea, quien manifestó que procederá a formular el inventario. Conforme a lo establecido en el artículo 882 del Código de Procedimientos Civiles, se publica por dos veces, de diez en diez días, en el diario "El Porvenir", que se edita en la ciudad de Monterrey, Nuevo León. Linares, N.L., a 22 de enero de 2024.

LIC. MANUEL JOSÉ PEÑA DORIA
NOTARIO PÚBLICO TITULAR No. 7
(26 y 5)
PUBLICACIÓN NOTARIAL

Con fecha 18 dieciocho del mes de Enero del 2024 dos mil veinticuatro, ante la fe del Licenciado GABRIEL TLALOC CANTÚ CANTÚ, Notario Público Titular de la Notaría Pública número 88 ochenta y ocho, con ejercicio en el Primer Distrito Registral en el Estado, compareció la señora ROSA MARÍA MALDONADO DE LEÓN, a fin de tramitar la SUCESIÓN TESTAMENTARIA a bienes de su esposo el señor MARTÍN RAMÍREZ HERNÁNDEZ, quien falleció el día 19 diecinueve de Noviembre del 2023 dos mil veintitrés. La compareciente aceptó la herencia y el cargo de albacea conferido, manifestando que procederá a formular el inventario de los bienes de la herencia. Lo que se publica por dos veces de diez en diez días en el periódico "El Porvenir". Monterrey, N.L. a 19 de Enero de 2024. ATENTAMENTE

LICENCIADO GABRIEL TLALOC
CANTÚ CANTÚ
NOTARIO PÚBLICO TITULAR NÚMERO 88
(26 y 5)
AVISO NOTARIAL

Con fecha 09 de Enero de 2024, ante mí Licenciado GABRIEL TLALOC CANTÚ CANTÚ, Notario Público Titular de la Notaría Pública número 88 ochenta y ocho, con ejercicio en el Primer Distrito, comparecieron el señor GUADALUPE GARRERA BENAVIDES y el señor JUAN FRANCISCO CARRERA BENAVIDES a fin de iniciar la SUCESIÓN LEGÍTIMA a bienes de sus padres los señores FRANCISCO CARRERA MARTÍNEZ y MARÍA BENAVIDES DE CARRERA, quienes fallecieron en esta ciudad. Los comparecientes aceptan la herencia y se reconocen sus derechos hereditarios, nombrando como albacea al señor JUAN FRANCISCO CARRERA BENAVIDES, quien acepta el cargo y manifiesta que procederá a formular el inventario de los bienes de la herencia, de conformidad con el artículo 882 del Código de Procedimientos Civiles vigente en el Estado. Monterrey, Nuevo León a 09 de Enero de 2024.

LIC. GABRIEL TLALOC
CANTÚ CANTÚ
NOTARIO PÚBLICO No. 88
CACG720629 9G4
(26 y 5)
